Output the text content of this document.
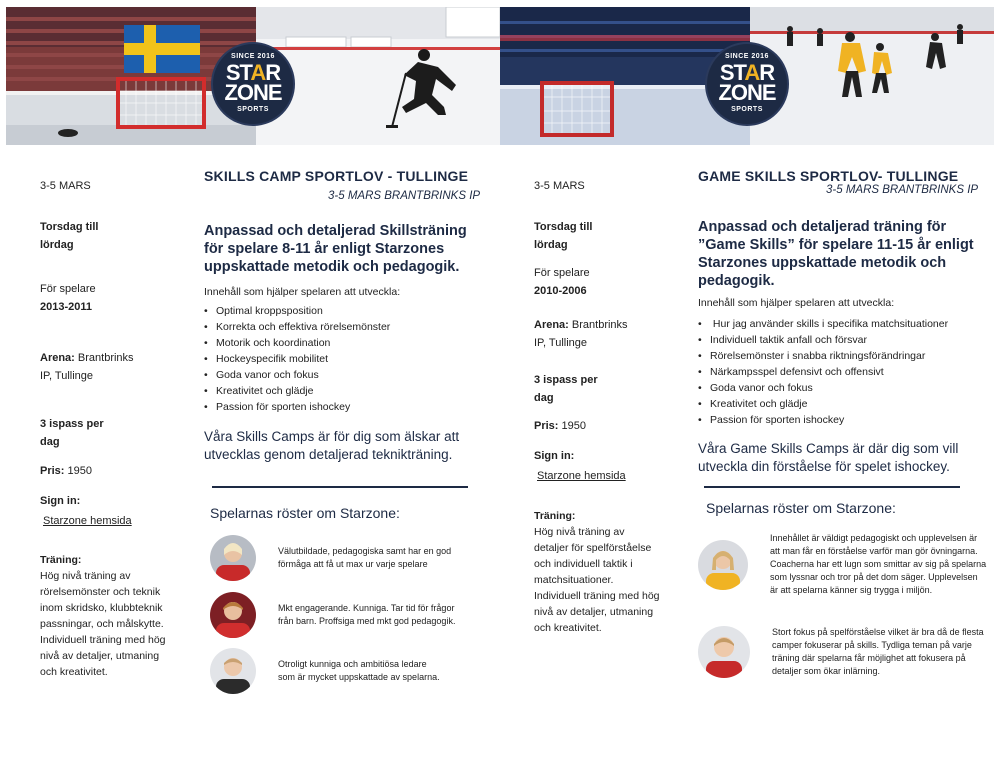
SINCE 2016
STAR
ZONE
SPORTS
3-5 MARS
Torsdag till
lördag
För spelare
2013-2011
Arena: Brantbrinks
IP, Tullinge
3 ispass per
dag
Pris: 1950
Sign in:
Starzone hemsida
Träning:
Hög nivå träning av
rörelsemönster och teknik
inom skridsko, klubbteknik
passningar, och målskytte.
Individuell träning med hög
nivå av detaljer, utmaning
och kreativitet.
SKILLS CAMP SPORTLOV - TULLINGE
3-5 MARS BRANTBRINKS IP
Anpassad och detaljerad Skillsträning
för spelare 8-11 år enligt Starzones
uppskattade metodik och pedagogik.
Innehåll som hjälper spelaren att utveckla:
• Optimal kroppsposition
• Korrekta och effektiva rörelsemönster
• Motorik och koordination
• Hockeyspecifik mobilitet
• Goda vanor och fokus
• Kreativitet och glädje
• Passion för sporten ishockey
Våra Skills Camps är för dig som älskar att
utvecklas genom detaljerad teknikträning.
Spelarnas röster om Starzone:
Välutbildade, pedagogiska samt har en god
förmåga att få ut max ur varje spelare
Mkt engagerande. Kunniga. Tar tid för frågor
från barn. Proffsiga med mkt god pedagogik.
Otroligt kunniga och ambitiösa ledare
som är mycket uppskattade av spelarna.
SINCE 2016
STAR
ZONE
SPORTS
3-5 MARS
Torsdag till
lördag
För spelare
2010-2006
Arena: Brantbrinks
IP, Tullinge
3 ispass per
dag
Pris: 1950
Sign in:
Starzone hemsida
Träning:
Hög nivå träning av
detaljer för spelförståelse
och individuell taktik i
matchsituationer.
Individuell träning med hög
nivå av detaljer, utmaning
och kreativitet.
GAME SKILLS SPORTLOV- TULLINGE
3-5 MARS BRANTBRINKS IP
Anpassad och detaljerad träning för
”Game Skills” för spelare 11-15 år enligt
Starzones uppskattade metodik och
pedagogik.
Innehåll som hjälper spelaren att utveckla:
• Hur jag använder skills i specifika matchsituationer
• Individuell taktik anfall och försvar
• Rörelsemönster i snabba riktningsförändringar
• Närkampsspel defensivt och offensivt
• Goda vanor och fokus
• Kreativitet och glädje
• Passion för sporten ishockey
Våra Game Skills Camps är där dig som vill
utveckla din förståelse för spelet ishockey.
Spelarnas röster om Starzone:
Innehållet är väldigt pedagogiskt och upplevelsen är
att man får en förståelse varför man gör övningarna.
Coacherna har ett lugn som smittar av sig på spelarna
som lyssnar och tror på det dom säger. Upplevelsen
är att spelarna känner sig trygga i miljön.
Stort fokus på spelförståelse vilket är bra då de flesta
camper fokuserar på skills. Tydliga teman på varje
träning där spelarna får möjlighet att fokusera på
detaljer som ökar inlärning.
